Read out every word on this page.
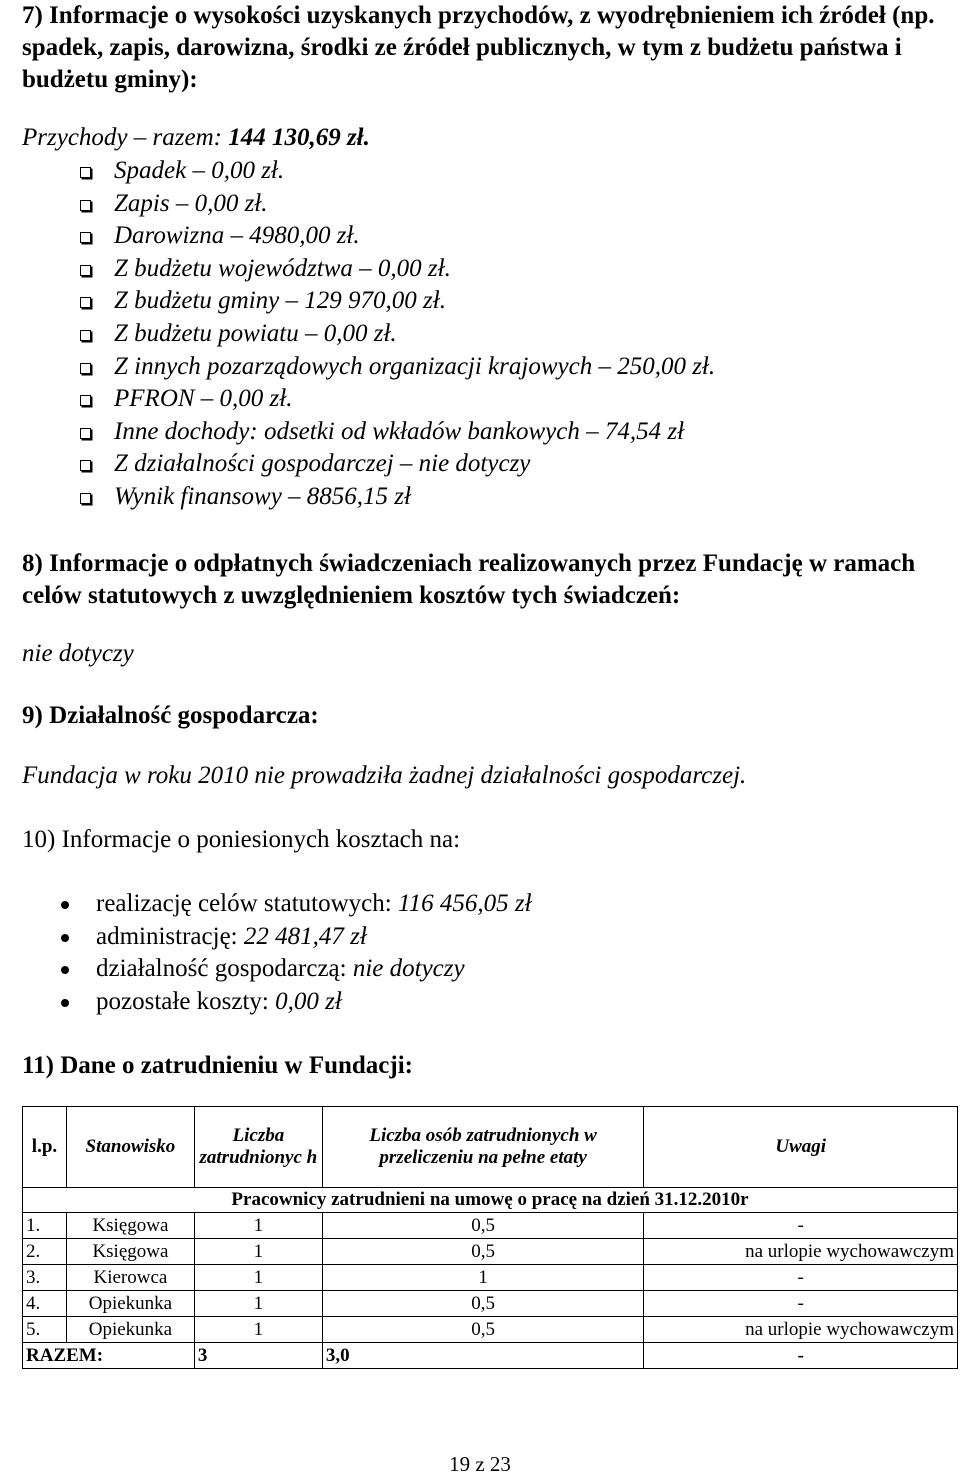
7) Informacje o wysokości uzyskanych przychodów, z wyodrębnieniem ich źródeł (np. spadek, zapis, darowizna, środki ze źródeł publicznych, w tym z budżetu państwa i budżetu gminy):

Przychody – razem: 144 130,69 zł.
Spadek – 0,00 zł.
Zapis – 0,00 zł.
Darowizna – 4980,00 zł.
Z budżetu województwa – 0,00 zł.
Z budżetu gminy – 129 970,00 zł.
Z budżetu powiatu – 0,00 zł.
Z innych pozarządowych organizacji krajowych – 250,00 zł.
PFRON – 0,00 zł.
Inne dochody: odsetki od wkładów bankowych – 74,54 zł
Z działalności gospodarczej – nie dotyczy
Wynik finansowy – 8856,15 zł

8) Informacje o odpłatnych świadczeniach realizowanych przez Fundację w ramach celów statutowych z uwzględnieniem kosztów tych świadczeń:

nie dotyczy

9) Działalność gospodarcza:

Fundacja w roku 2010 nie prowadziła żadnej działalności gospodarczej.

10) Informacje o poniesionych kosztach na:

realizację celów statutowych: 116 456,05 zł
administrację: 22 481,47 zł
działalność gospodarczą: nie dotyczy
pozostałe koszty: 0,00 zł

11) Dane o zatrudnieniu w Fundacji:

l.p.	Stanowisko	Liczba zatrudnionyc h	Liczba osób zatrudnionych w przeliczeniu na pełne etaty	Uwagi
Pracownicy zatrudnieni na umowę o pracę na dzień 31.12.2010r				
1.	Księgowa	1	0,5	-
2.	Księgowa	1	0,5	na urlopie wychowawczym
3.	Kierowca	1	1	-
4.	Opiekunka	1	0,5	-
5.	Opiekunka	1	0,5	na urlopie wychowawczym
RAZEM:		3	3,0	-
19 z 23
